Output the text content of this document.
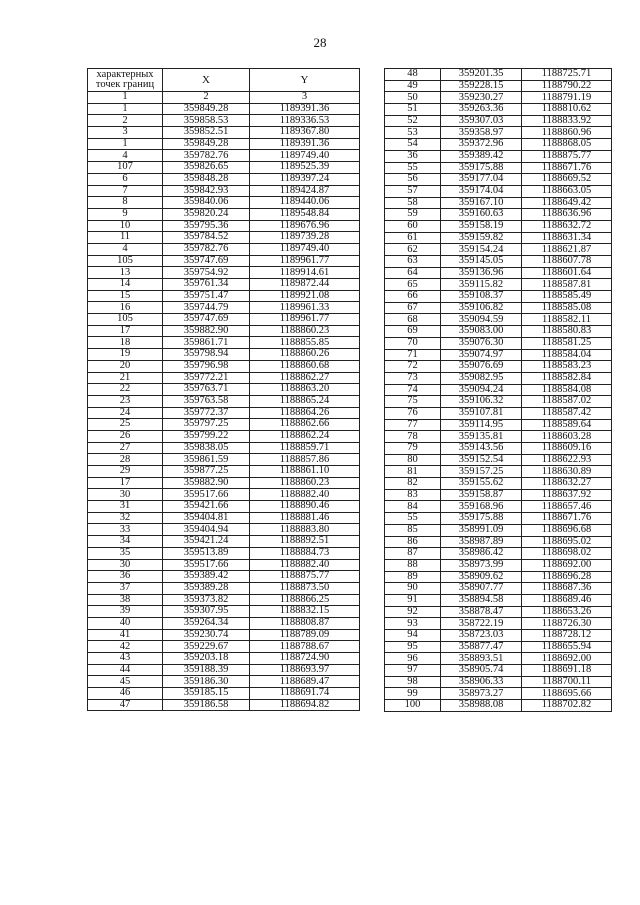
28
характерных точек границ	X	Y
1	2	3
1	359849.28	1189391.36
2	359858.53	1189336.53
3	359852.51	1189367.80
1	359849.28	1189391.36
4	359782.76	1189749.40
107	359826.65	1189525.39
6	359848.28	1189397.24
7	359842.93	1189424.87
8	359840.06	1189440.06
9	359820.24	1189548.84
10	359795.36	1189676.96
11	359784.52	1189739.28
4	359782.76	1189749.40
105	359747.69	1189961.77
13	359754.92	1189914.61
14	359761.34	1189872.44
15	359751.47	1189921.08
16	359744.79	1189961.33
105	359747.69	1189961.77
17	359882.90	1188860.23
18	359861.71	1188855.85
19	359798.94	1188860.26
20	359796.98	1188860.68
21	359772.21	1188862.27
22	359763.71	1188863.20
23	359763.58	1188865.24
24	359772.37	1188864.26
25	359797.25	1188862.66
26	359799.22	1188862.24
27	359838.05	1188859.71
28	359861.59	1188857.86
29	359877.25	1188861.10
17	359882.90	1188860.23
30	359517.66	1188882.40
31	359421.66	1188890.46
32	359404.81	1188881.46
33	359404.94	1188883.80
34	359421.24	1188892.51
35	359513.89	1188884.73
30	359517.66	1188882.40
36	359389.42	1188875.77
37	359389.28	1188873.50
38	359373.82	1188866.25
39	359307.95	1188832.15
40	359264.34	1188808.87
41	359230.74	1188789.09
42	359229.67	1188788.67
43	359203.18	1188724.90
44	359188.39	1188693.97
45	359186.30	1188689.47
46	359185.15	1188691.74
47	359186.58	1188694.82
48	359201.35	1188725.71
49	359228.15	1188790.22
50	359230.27	1188791.19
51	359263.36	1188810.62
52	359307.03	1188833.92
53	359358.97	1188860.96
54	359372.96	1188868.05
36	359389.42	1188875.77
55	359175.88	1188671.76
56	359177.04	1188669.52
57	359174.04	1188663.05
58	359167.10	1188649.42
59	359160.63	1188636.96
60	359158.19	1188632.72
61	359159.82	1188631.34
62	359154.24	1188621.87
63	359145.05	1188607.78
64	359136.96	1188601.64
65	359115.82	1188587.81
66	359108.37	1188585.49
67	359106.82	1188585.08
68	359094.59	1188582.11
69	359083.00	1188580.83
70	359076.30	1188581.25
71	359074.97	1188584.04
72	359076.69	1188583.23
73	359082.95	1188582.84
74	359094.24	1188584.08
75	359106.32	1188587.02
76	359107.81	1188587.42
77	359114.95	1188589.64
78	359135.81	1188603.28
79	359143.56	1188609.16
80	359152.54	1188622.93
81	359157.25	1188630.89
82	359155.62	1188632.27
83	359158.87	1188637.92
84	359168.96	1188657.46
55	359175.88	1188671.76
85	358991.09	1188696.68
86	358987.89	1188695.02
87	358986.42	1188698.02
88	358973.99	1188692.00
89	358909.62	1188696.28
90	358907.77	1188687.36
91	358894.58	1188689.46
92	358878.47	1188653.26
93	358722.19	1188726.30
94	358723.03	1188728.12
95	358877.47	1188655.94
96	358893.51	1188692.00
97	358905.74	1188691.18
98	358906.33	1188700.11
99	358973.27	1188695.66
100	358988.08	1188702.82
